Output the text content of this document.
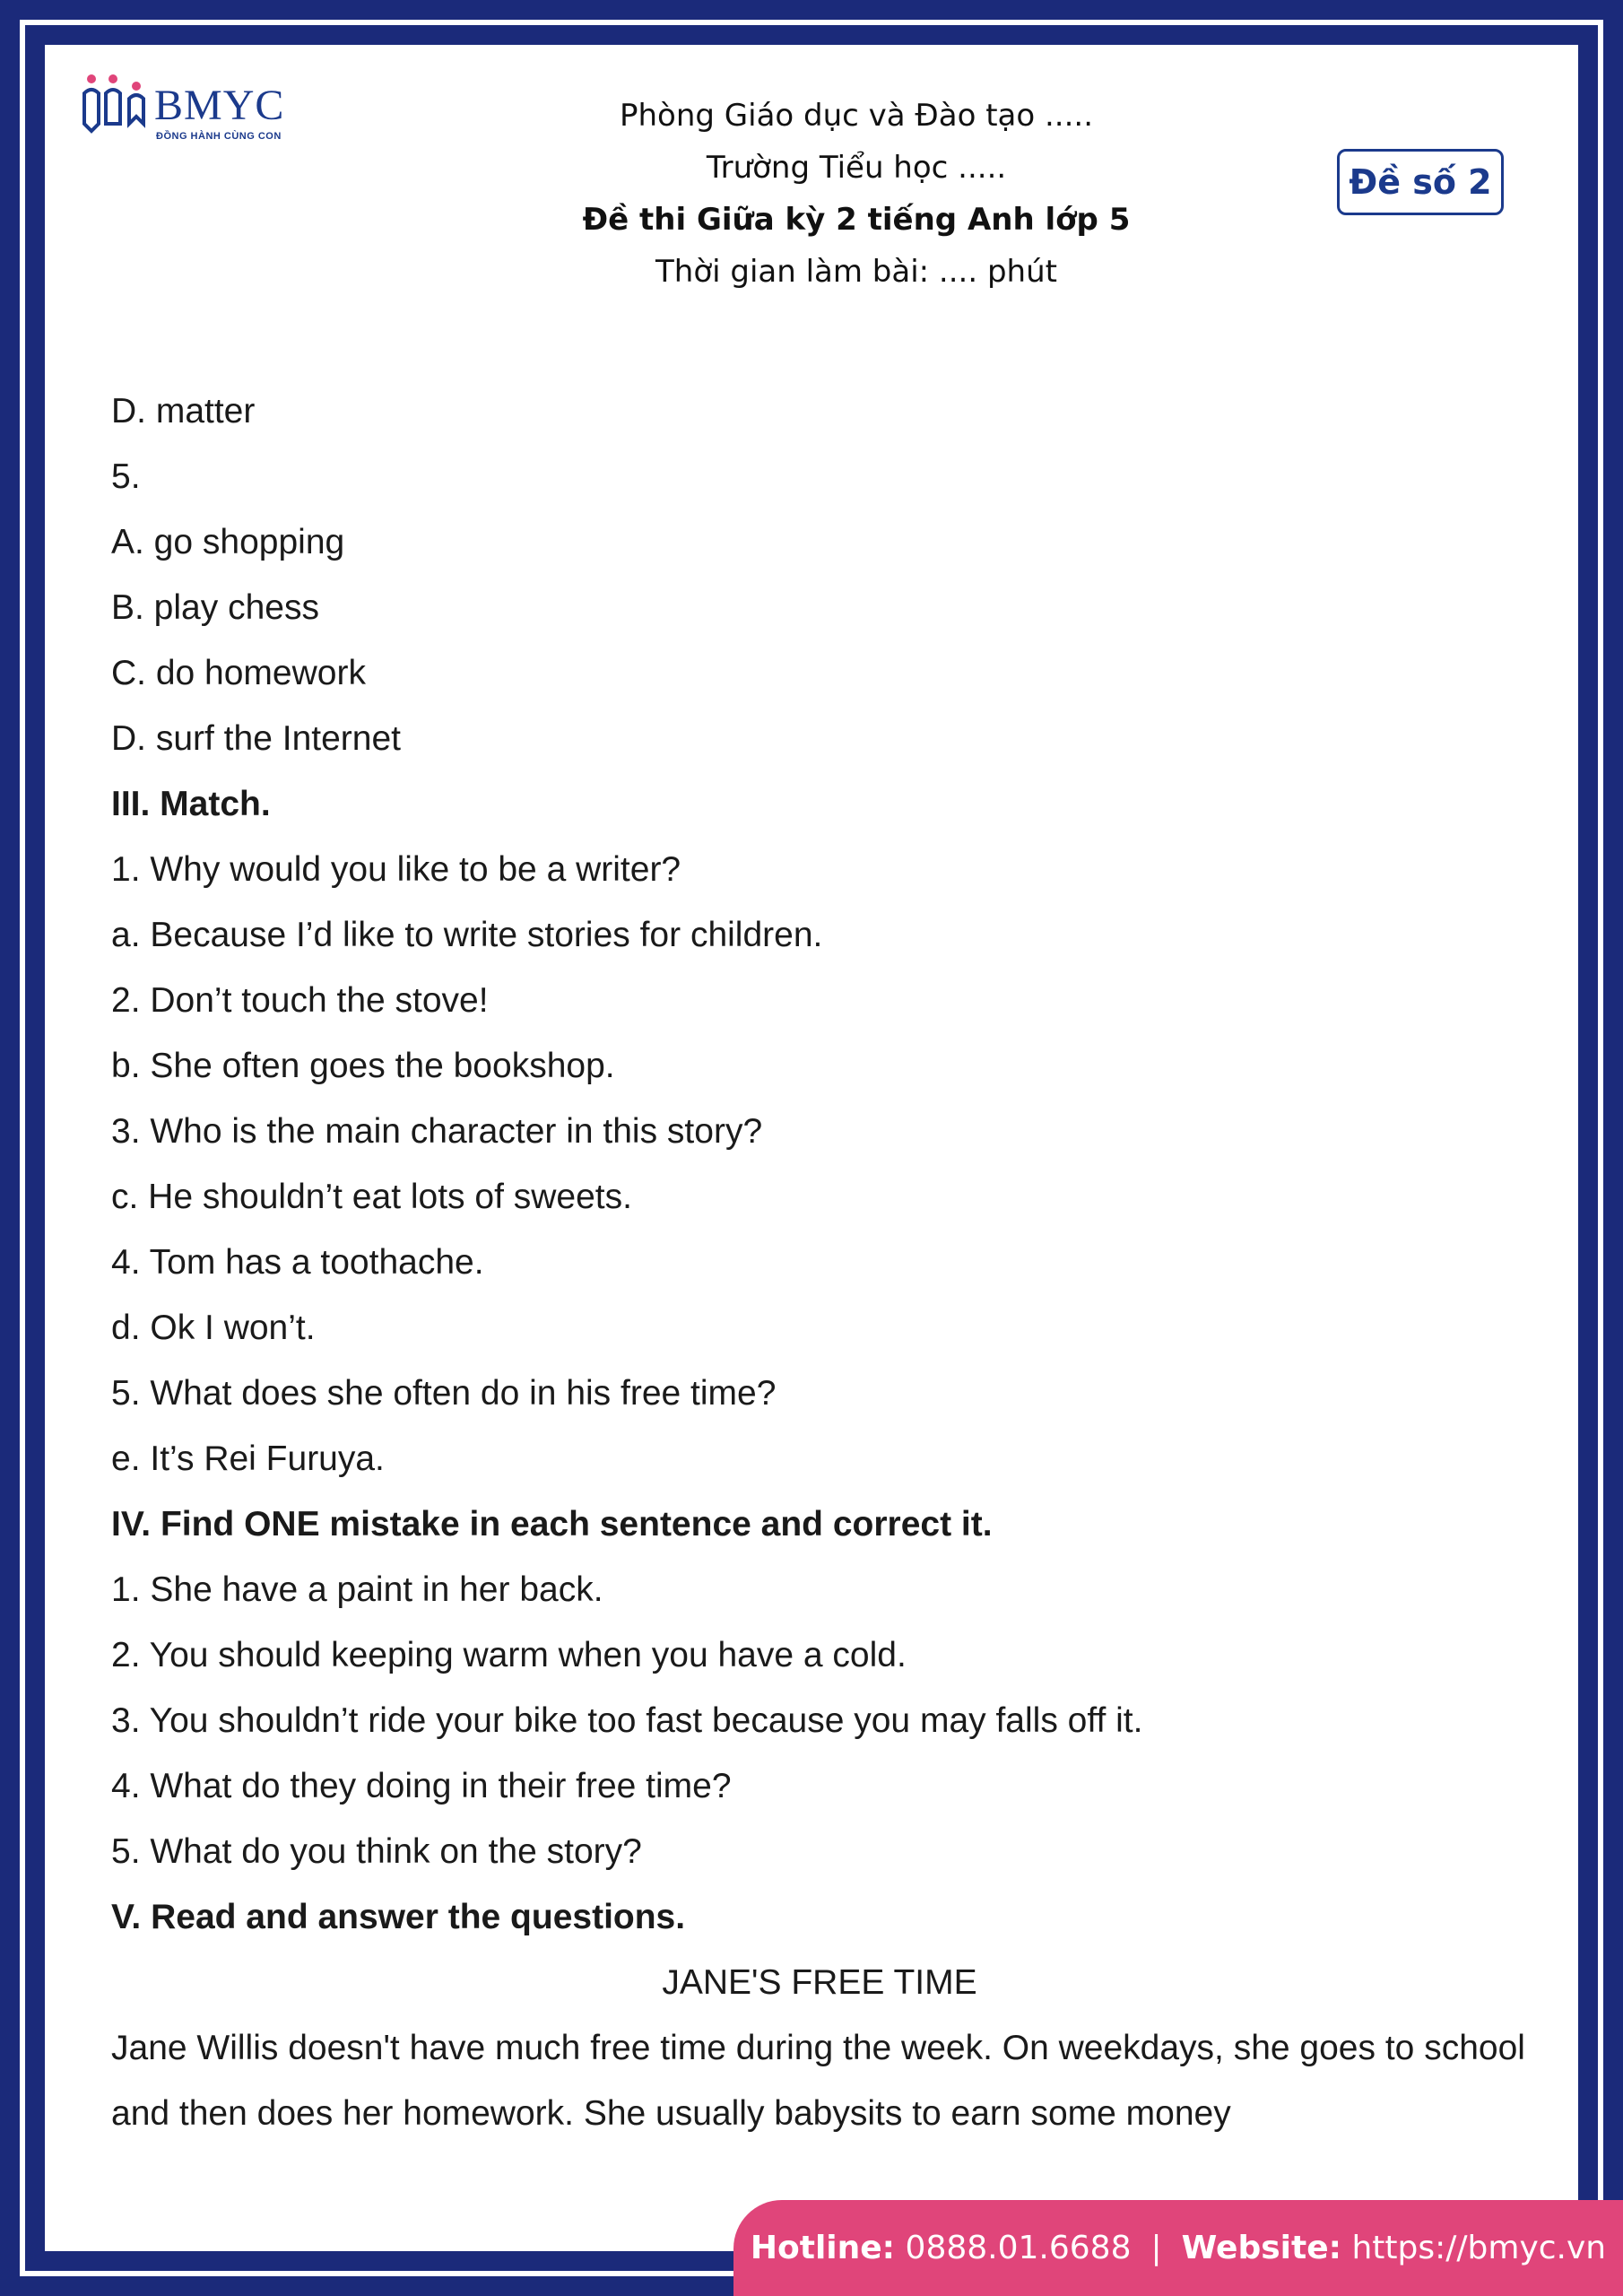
BMYC
ĐỒNG HÀNH CÙNG CON
Phòng Giáo dục và Đào tạo .....
Trường Tiểu học .....
Đề thi Giữa kỳ 2 tiếng Anh lớp 5
Thời gian làm bài: .... phút
Đề số 2
D. matter
5.
A. go shopping
B. play chess
C. do homework
D. surf the Internet
III. Match.
1. Why would you like to be a writer?
a. Because I’d like to write stories for children.
2. Don’t touch the stove!
b. She often goes the bookshop.
3. Who is the main character in this story?
c. He shouldn’t eat lots of sweets.
4. Tom has a toothache.
d. Ok I won’t.
5. What does she often do in his free time?
e. It’s Rei Furuya.
IV. Find ONE mistake in each sentence and correct it.
1. She have a paint in her back.
2. You should keeping warm when you have a cold.
3. You shouldn’t ride your bike too fast because you may falls off it.
4. What do they doing in their free time?
5. What do you think on the story?
V. Read and answer the questions.
JANE'S FREE TIME
Jane Willis doesn't have much free time during the week. On weekdays, she goes to school and then does her homework. She usually babysits to earn some money
Hotline:
0888.01.6688 | Website:
https://bmyc.vn
